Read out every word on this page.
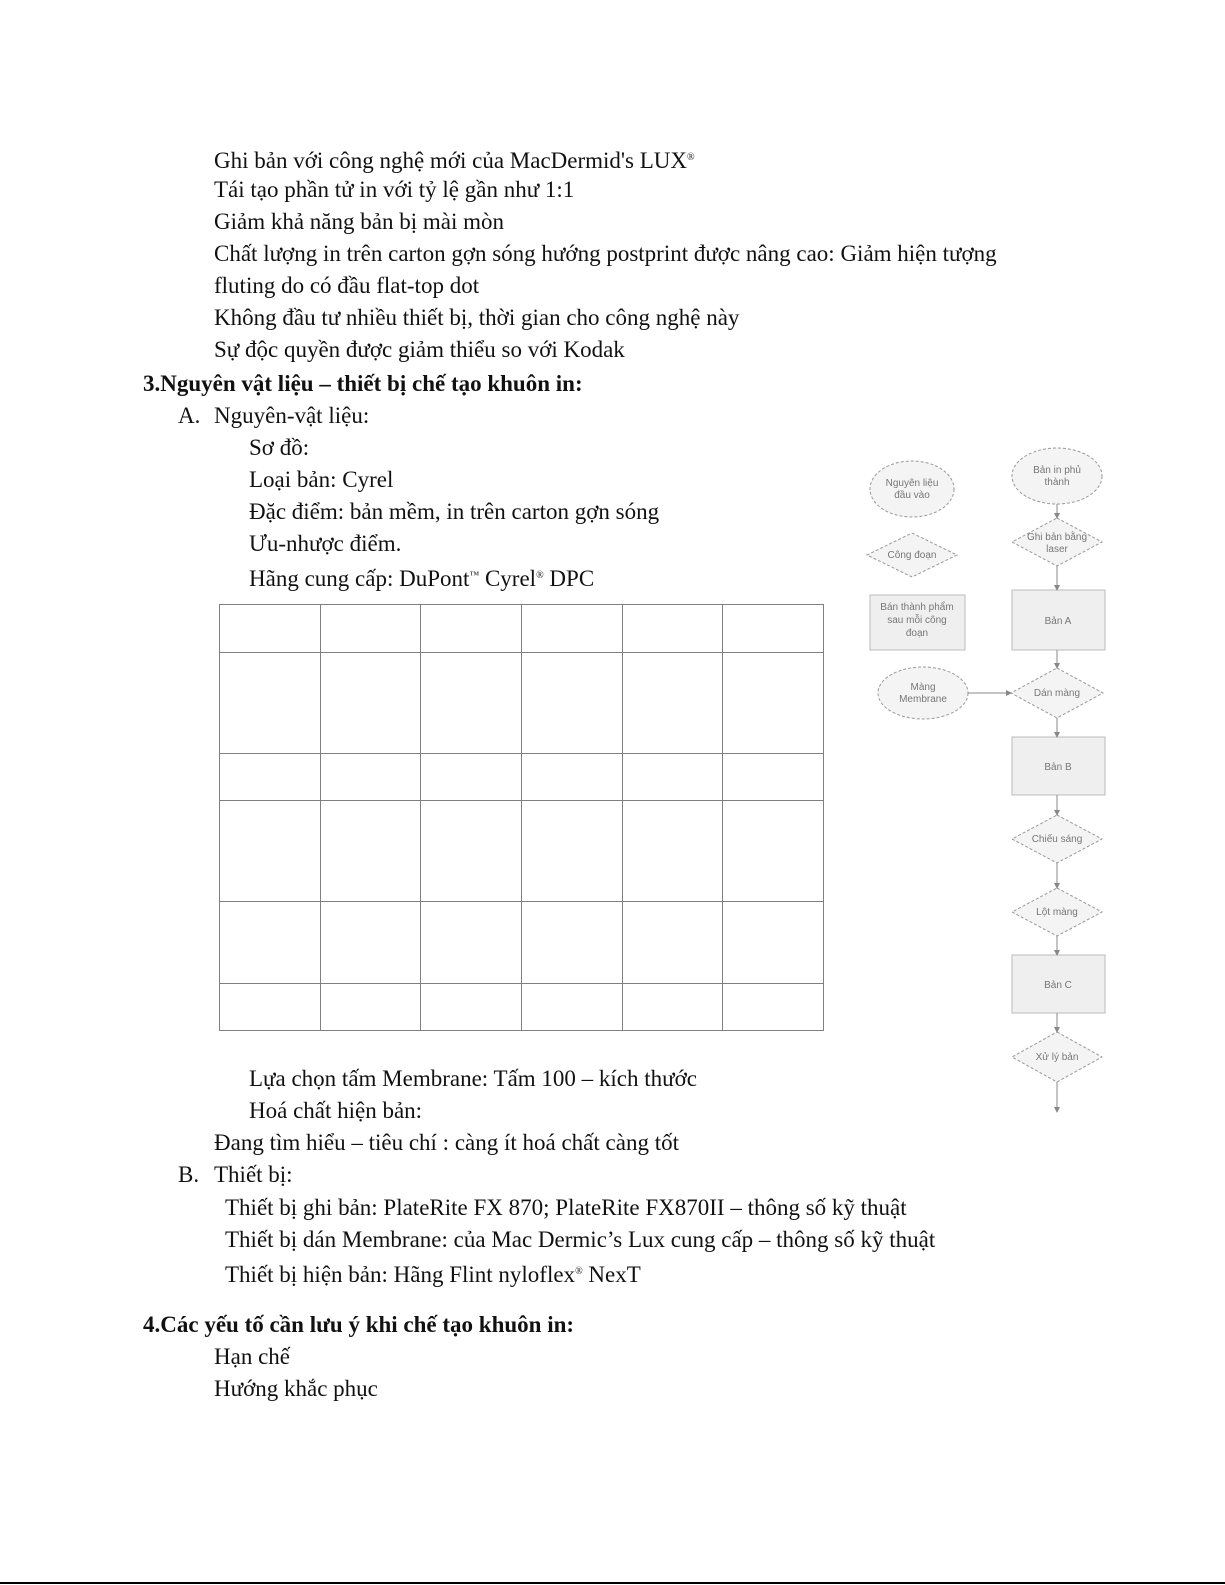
Ghi bản với công nghệ mới của MacDermid's LUX®
Tái tạo phần tử in với tỷ lệ gần như 1:1
Giảm khả năng bản bị mài mòn
Chất lượng in trên carton gợn sóng hướng postprint được nâng cao: Giảm hiện tượng
fluting do có đầu flat-top dot
Không đầu tư nhiều thiết bị, thời gian cho công nghệ này
Sự độc quyền được giảm thiểu so với Kodak
3.Nguyên vật liệu – thiết bị chế tạo khuôn in:
A. Nguyên-vật liệu:
Sơ đồ:
Loại bản: Cyrel
Đặc điểm: bản mềm, in trên carton gợn sóng
Ưu-nhược điểm.
Hãng cung cấp: DuPont™ Cyrel® DPC

Lựa chọn tấm Membrane: Tấm 100 – kích thước
Hoá chất hiện bản:
Đang tìm hiểu – tiêu chí : càng ít hoá chất càng tốt
B. Thiết bị:
Thiết bị ghi bản: PlateRite FX 870; PlateRite FX870II – thông số kỹ thuật
Thiết bị dán Membrane: của Mac Dermic’s Lux cung cấp – thông số kỹ thuật
Thiết bị hiện bản: Hãng Flint nyloflex® NexT
4.Các yếu tố cần lưu ý khi chế tạo khuôn in:
Hạn chế
Hướng khắc phục
Nguyên liệu
đầu vào
Công đoạn
Bán thành phẩm
sau mỗi công
đoạn
Bản in phủ
thành
Ghi bản bằng
laser
Bản A
Màng
Membrane
Dán màng
Bản B
Chiếu sáng
Lột màng
Bản C
Xử lý bản
